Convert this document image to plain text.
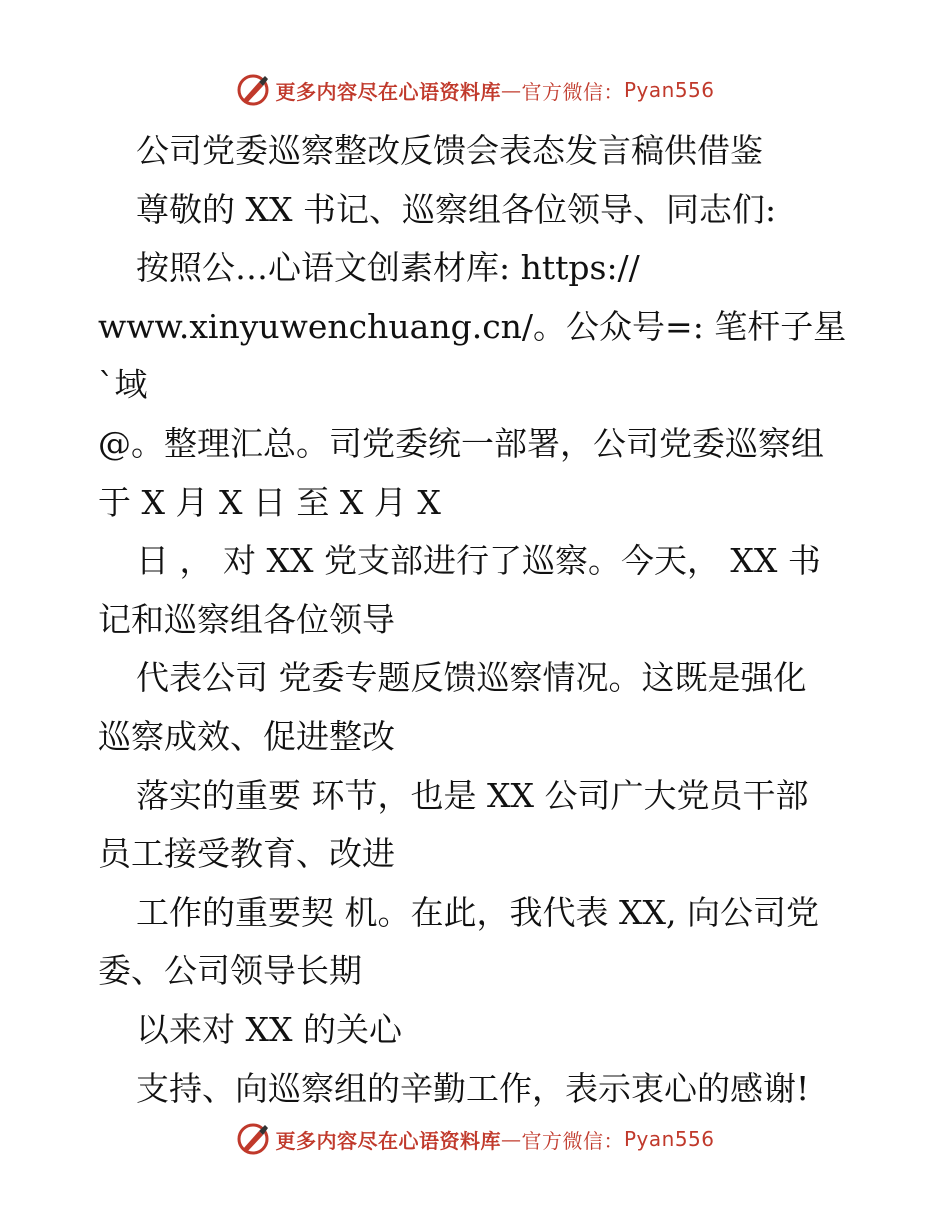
更多内容尽在心语资料库 — 官方微信： Pyan556

公司党委巡察整改反馈会表态发言稿供借鉴

尊敬的 XX 书记、巡察组各位领导、同志们:

按照公…心语文创素材库: https://

www.xinyuwenchuang.cn/。公众号=: 笔杆子星`域

@。整理汇总。司党委统一部署，公司党委巡察组

于 X 月 X 日 至 X 月 X

日 ， 对 XX 党支部进行了巡察。今天， XX 书

记和巡察组各位领导

代表公司 党委专题反馈巡察情况。这既是强化

巡察成效、促进整改

落实的重要 环节，也是 XX 公司广大党员干部

员工接受教育、改进

工作的重要契 机。在此，我代表 XX, 向公司党

委、公司领导长期

以来对 XX 的关心

支持、向巡察组的辛勤工作，表示衷心的感谢!

更多内容尽在心语资料库 — 官方微信： Pyan556
